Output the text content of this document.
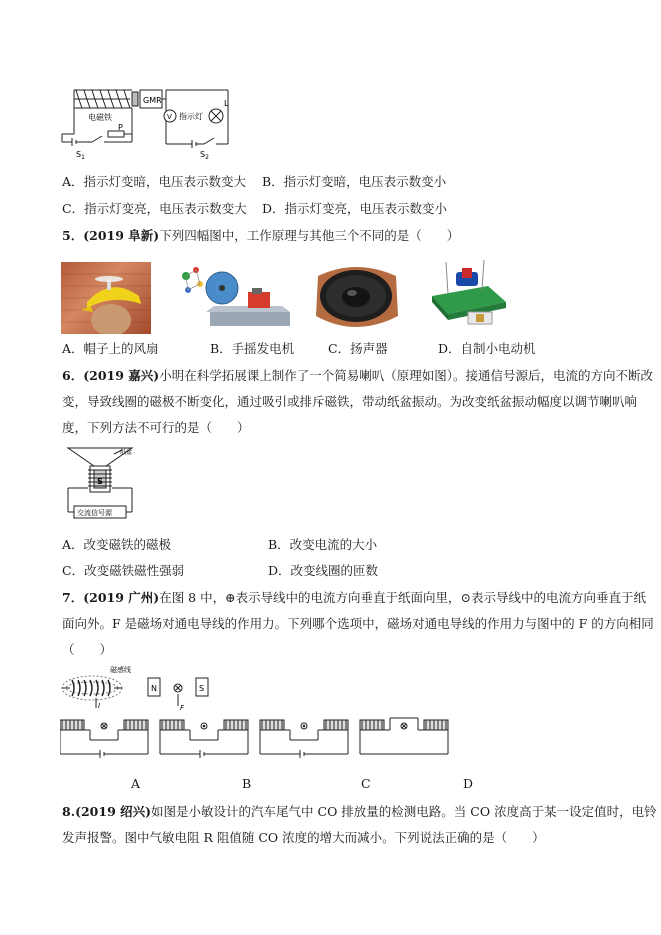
GMR
V 指示灯
L
电磁铁
P
$S_1$	$S_2$
A．指示灯变暗，电压表示数变大 B．指示灯变暗，电压表示数变小
C．指示灯变亮，电压表示数变大 D．指示灯变亮，电压表示数变小
5．(2019 阜新)下列四幅图中，工作原理与其他三个不同的是（　　）
A．帽子上的风扇	B．手摇发电机	C．扬声器	D．自制小电动机
6．(2019 嘉兴)小明在科学拓展课上制作了一个简易喇叭（原理如图）。接通信号源后，电流的方向不断改
变，导致线圈的磁极不断变化，通过吸引或排斥磁铁，带动纸盆振动。为改变纸盆振动幅度以调节喇叭响
度，下列方法不可行的是（　　）
纸盆
S
交流信号源
A．改变磁铁的磁极	B．改变电流的大小
C．改变磁铁磁性强弱	D．改变线圈的匝数
7．(2019 广州)在图 8 中，⊕表示导线中的电流方向垂直于纸面向里，⊙表示导线中的电流方向垂直于纸
面向外。F 是磁场对通电导线的作用力。下列哪个选项中，磁场对通电导线的作用力与图中的 F 的方向相同
（　　）
磁感线
N	S
F
I
A	B	C	D
8.(2019 绍兴)如图是小敏设计的汽车尾气中 CO 排放量的检测电路。当 CO 浓度高于某一设定值时，电铃
发声报警。图中气敏电阻 R 阻值随 CO 浓度的增大而减小。下列说法正确的是（　　）
